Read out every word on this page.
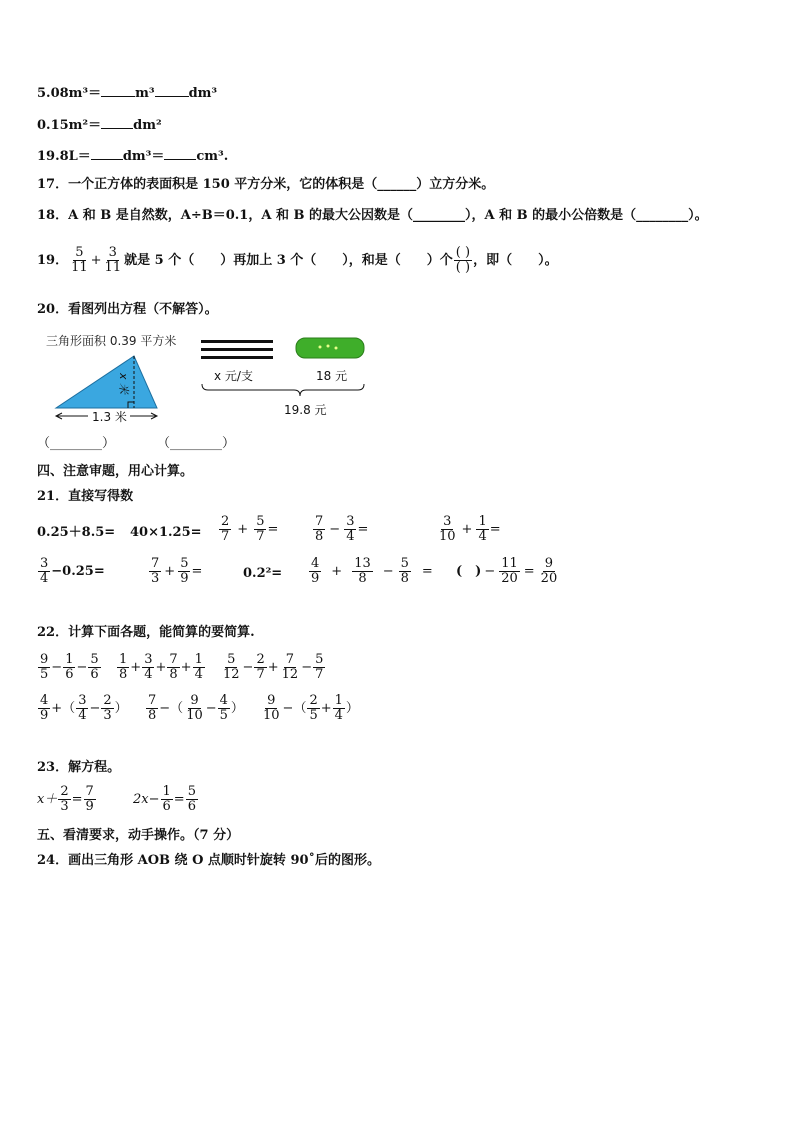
5.08m³＝	m³	dm³
0.15m²＝ dm²
19.8L＝ dm³＝ cm³.
17．一个正方体的表面积是 150 平方分米，它的体积是（______）立方分米。
18．A 和 B 是自然数，A÷B＝0.1，A 和 B 的最大公因数是（________），A 和 B 的最小公倍数是（________）。
19． $\frac{5}{11} + \frac{3}{11}$ 就是 5 个（　　）再加上 3 个（　　），和是（　　）个 $\frac{( )}{( )}$ ，即（　　）。
20．看图列出方程（不解答）。
三角形面积 0.39 平方米
x 米
1.3 米
x 元/支	18 元
19.8 元
（________）	（________）
四、注意审题，用心计算。
21．直接写得数
$0.25+8.5= 40\times 1.25= \frac{2}{7} + \frac{5}{7}$ =	$\frac{7}{8} - \frac{3}{4}$ =	$\frac{3}{10} + \frac{1}{4}$ =
$\frac{3}{4} -0.25=$	$\frac{7}{3} + \frac{5}{9}$ =	$0.2^2= \frac{4}{9} + \frac{13}{8} - \frac{5}{8}$ = (　) − $\frac{11}{20} = \frac{9}{20}$
22．计算下面各题，能简算的要简算.
$\frac{9}{5} - \frac{1}{6} - \frac{5}{6} \frac{1}{8} + \frac{3}{4} + \frac{7}{8} + \frac{1}{4} \frac{5}{12} - \frac{2}{7} + \frac{7}{12} - \frac{5}{7}$
$\frac{4}{9}$ +（ $\frac{3}{4} - \frac{2}{3}$ ） $\frac{7}{8}$ −（ $\frac{9}{10} - \frac{4}{5}$ ） $\frac{9}{10}$ −（ $\frac{2}{5} + \frac{1}{4}$ ）
23．解方程。
$x+ \frac{2}{3} = \frac{7}{9}$	$2x- \frac{1}{6} = \frac{5}{6}$
五、看清要求，动手操作。（7 分）
24．画出三角形 AOB 绕 O 点顺时针旋转 90˚后的图形。
